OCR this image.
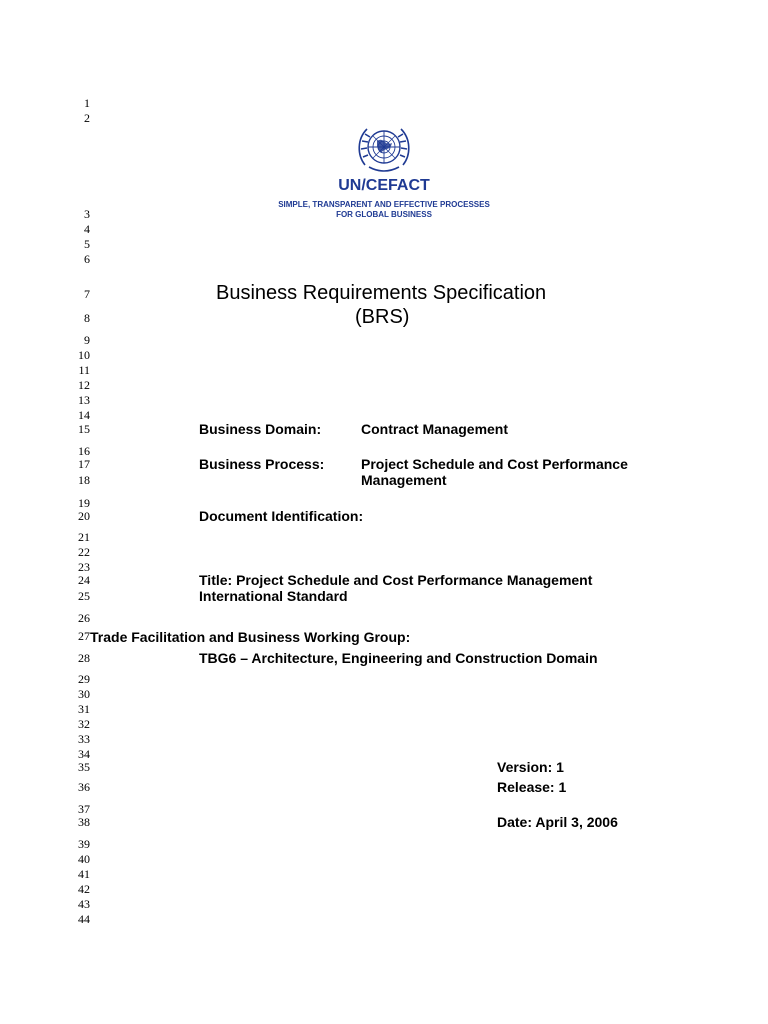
1
2
3
4
5
6
7
8
9
10
11
12
13
14
15
16
17
18
19
20
21
22
23
24
25
26
27
28
29
30
31
32
33
34
35
36
37
38
39
40
41
42
43
44
UN/CEFACT
SIMPLE, TRANSPARENT AND EFFECTIVE PROCESSES
FOR GLOBAL BUSINESS
Business Requirements Specification
(BRS)
Business Domain:	Contract Management
Business Process:	Project Schedule and Cost Performance
Management
Document Identification:
Title: Project Schedule and Cost Performance Management
International Standard
Trade Facilitation and Business Working Group:
TBG6 – Architecture, Engineering and Construction Domain
Version: 1
Release: 1
Date: April 3, 2006
